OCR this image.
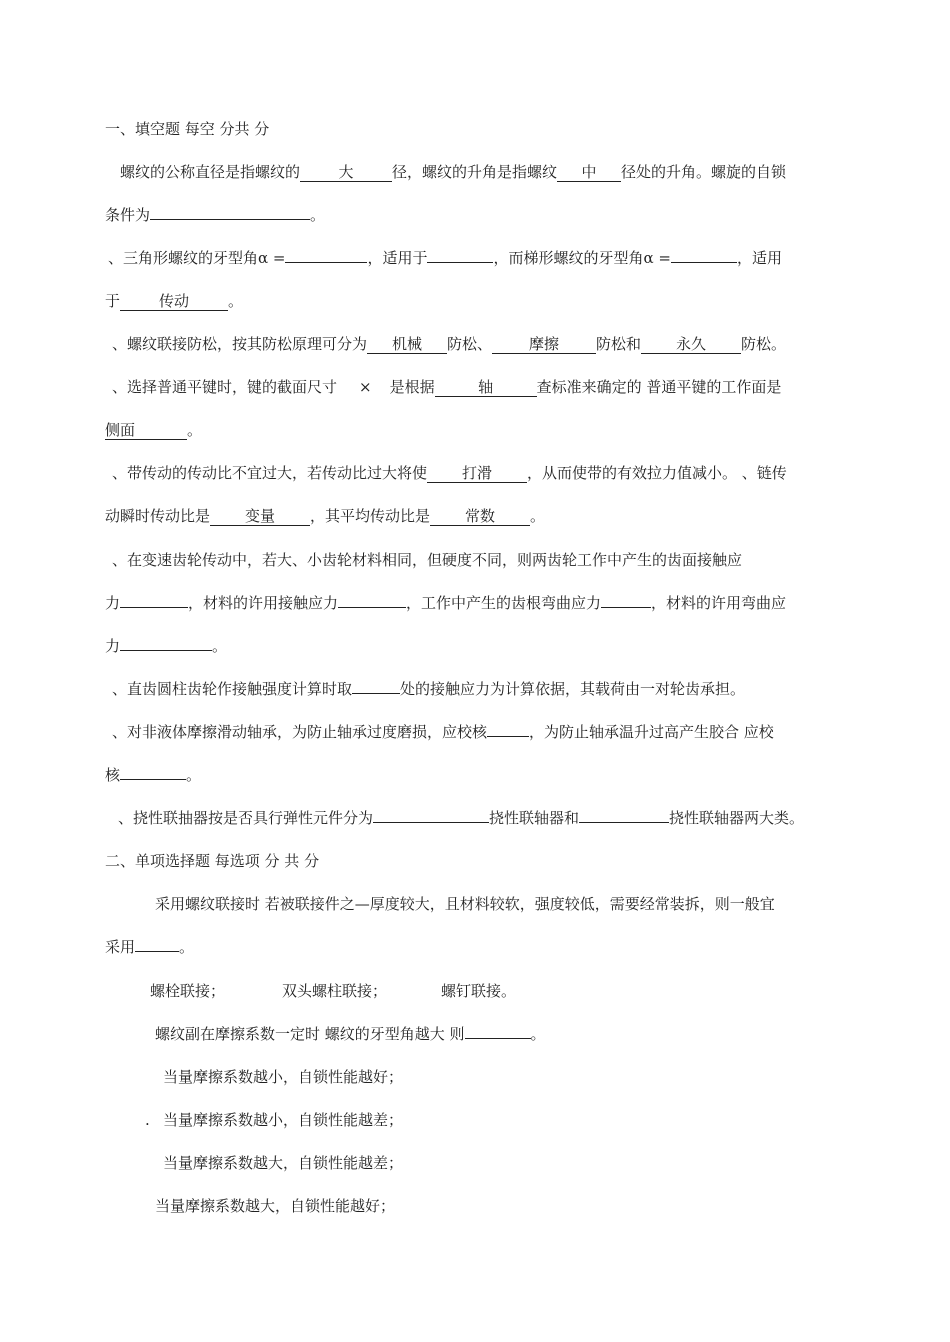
一、填空题 每空 分共 分
螺纹的公称直径是指螺纹的	大	径，螺纹的升角是指螺纹 中 径处的升角。螺旋的自锁
条件为	。
、三角形螺纹的牙型角α =	，适用于	，而梯形螺纹的牙型角α =	，适用
于	传动	。
、螺纹联接防松，按其防松原理可分为 机械 防松、 摩擦 防松和 永久 防松。
、选择普通平键时，键的截面尺寸 × 是根据	轴	查标准来确定的 普通平键的工作面是
侧面	。
、带传动的传动比不宜过大，若传动比过大将使 打滑 ，从而使带的有效拉力值减小。 、链传
动瞬时传动比是 变量 ，其平均传动比是 常数 。
、在变速齿轮传动中，若大、小齿轮材料相同，但硬度不同，则两齿轮工作中产生的齿面接触应
力	，材料的许用接触应力	，工作中产生的齿根弯曲应力	，材料的许用弯曲应
力	。
、直齿圆柱齿轮作接触强度计算时取	处的接触应力为计算依据，其载荷由一对轮齿承担。
、对非液体摩擦滑动轴承，为防止轴承过度磨损，应校核	，为防止轴承温升过高产生胶合 应校
核	。
、挠性联抽器按是否具行弹性元件分为	挠性联轴器和	挠性联轴器两大类。
二、单项选择题 每选项 分 共 分
采用螺纹联接时 若被联接件之—厚度较大，且材料较软，强度较低，需要经常装拆，则一般宜
采用	。
螺栓联接；	双头螺柱联接；	螺钉联接。
螺纹副在摩擦系数一定时 螺纹的牙型角越大 则	。
当量摩擦系数越小，自锁性能越好；
. 当量摩擦系数越小，自锁性能越差；
当量摩擦系数越大，自锁性能越差；
当量摩擦系数越大，自锁性能越好；
